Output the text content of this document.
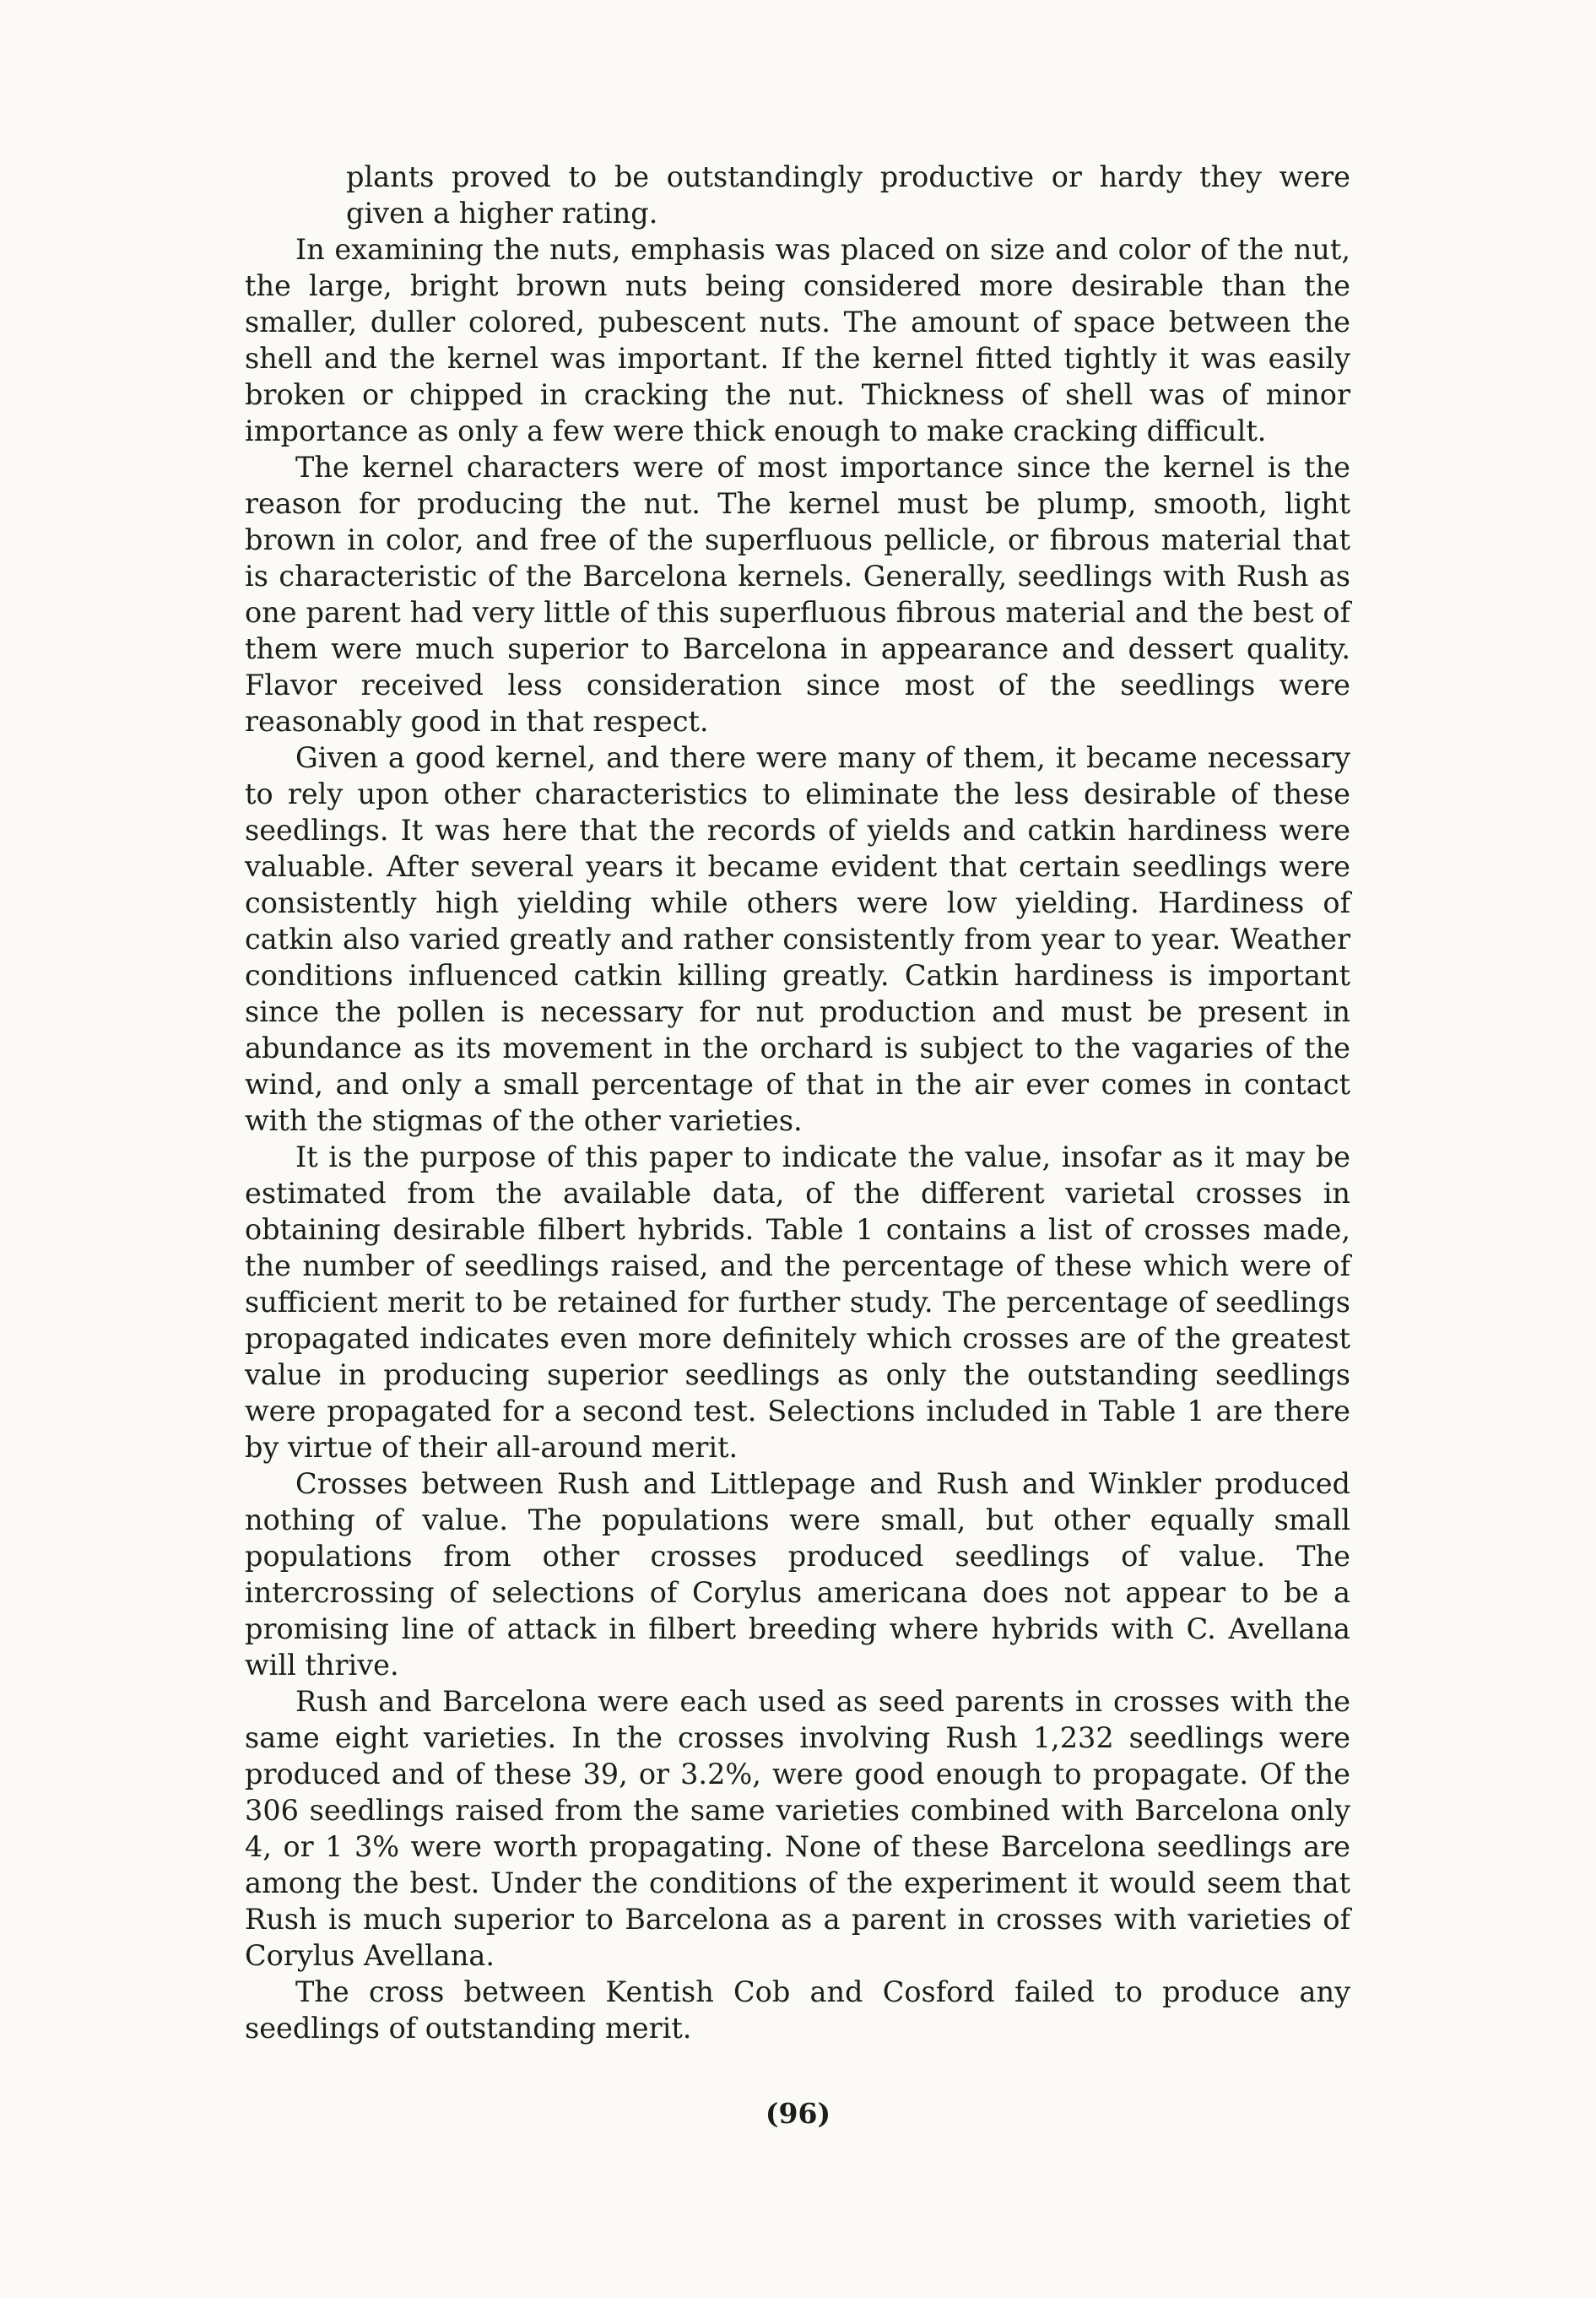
plants proved to be outstandingly productive or hardy they were given a higher rating.

In examining the nuts, emphasis was placed on size and color of the nut, the large, bright brown nuts being considered more desirable than the smaller, duller colored, pubescent nuts. The amount of space between the shell and the kernel was important. If the kernel fitted tightly it was easily broken or chipped in cracking the nut. Thickness of shell was of minor importance as only a few were thick enough to make cracking difficult.

The kernel characters were of most importance since the kernel is the reason for producing the nut. The kernel must be plump, smooth, light brown in color, and free of the superfluous pellicle, or fibrous material that is characteristic of the Barcelona kernels. Generally, seedlings with Rush as one parent had very little of this superfluous fibrous material and the best of them were much superior to Barcelona in appearance and dessert quality. Flavor received less consideration since most of the seedlings were reasonably good in that respect.

Given a good kernel, and there were many of them, it became necessary to rely upon other characteristics to eliminate the less desirable of these seedlings. It was here that the records of yields and catkin hardiness were valuable. After several years it became evident that certain seedlings were consistently high yielding while others were low yielding. Hardiness of catkin also varied greatly and rather consistently from year to year. Weather conditions influenced catkin killing greatly. Catkin hardiness is important since the pollen is necessary for nut production and must be present in abundance as its movement in the orchard is subject to the vagaries of the wind, and only a small percentage of that in the air ever comes in contact with the stigmas of the other varieties.

It is the purpose of this paper to indicate the value, insofar as it may be estimated from the available data, of the different varietal crosses in obtaining desirable filbert hybrids. Table 1 contains a list of crosses made, the number of seedlings raised, and the percentage of these which were of sufficient merit to be retained for further study. The percentage of seedlings propagated indicates even more definitely which crosses are of the greatest value in producing superior seedlings as only the outstanding seedlings were propagated for a second test. Selections included in Table 1 are there by virtue of their all-around merit.

Crosses between Rush and Littlepage and Rush and Winkler produced nothing of value. The populations were small, but other equally small populations from other crosses produced seedlings of value. The intercrossing of selections of Corylus americana does not appear to be a promising line of attack in filbert breeding where hybrids with C. Avellana will thrive.

Rush and Barcelona were each used as seed parents in crosses with the same eight varieties. In the crosses involving Rush 1,232 seedlings were produced and of these 39, or 3.2%, were good enough to propagate. Of the 306 seedlings raised from the same varieties combined with Barcelona only 4, or 1 3% were worth propagating. None of these Barcelona seedlings are among the best. Under the conditions of the experiment it would seem that Rush is much superior to Barcelona as a parent in crosses with varieties of Corylus Avellana.

The cross between Kentish Cob and Cosford failed to produce any seedlings of outstanding merit.

(96)
